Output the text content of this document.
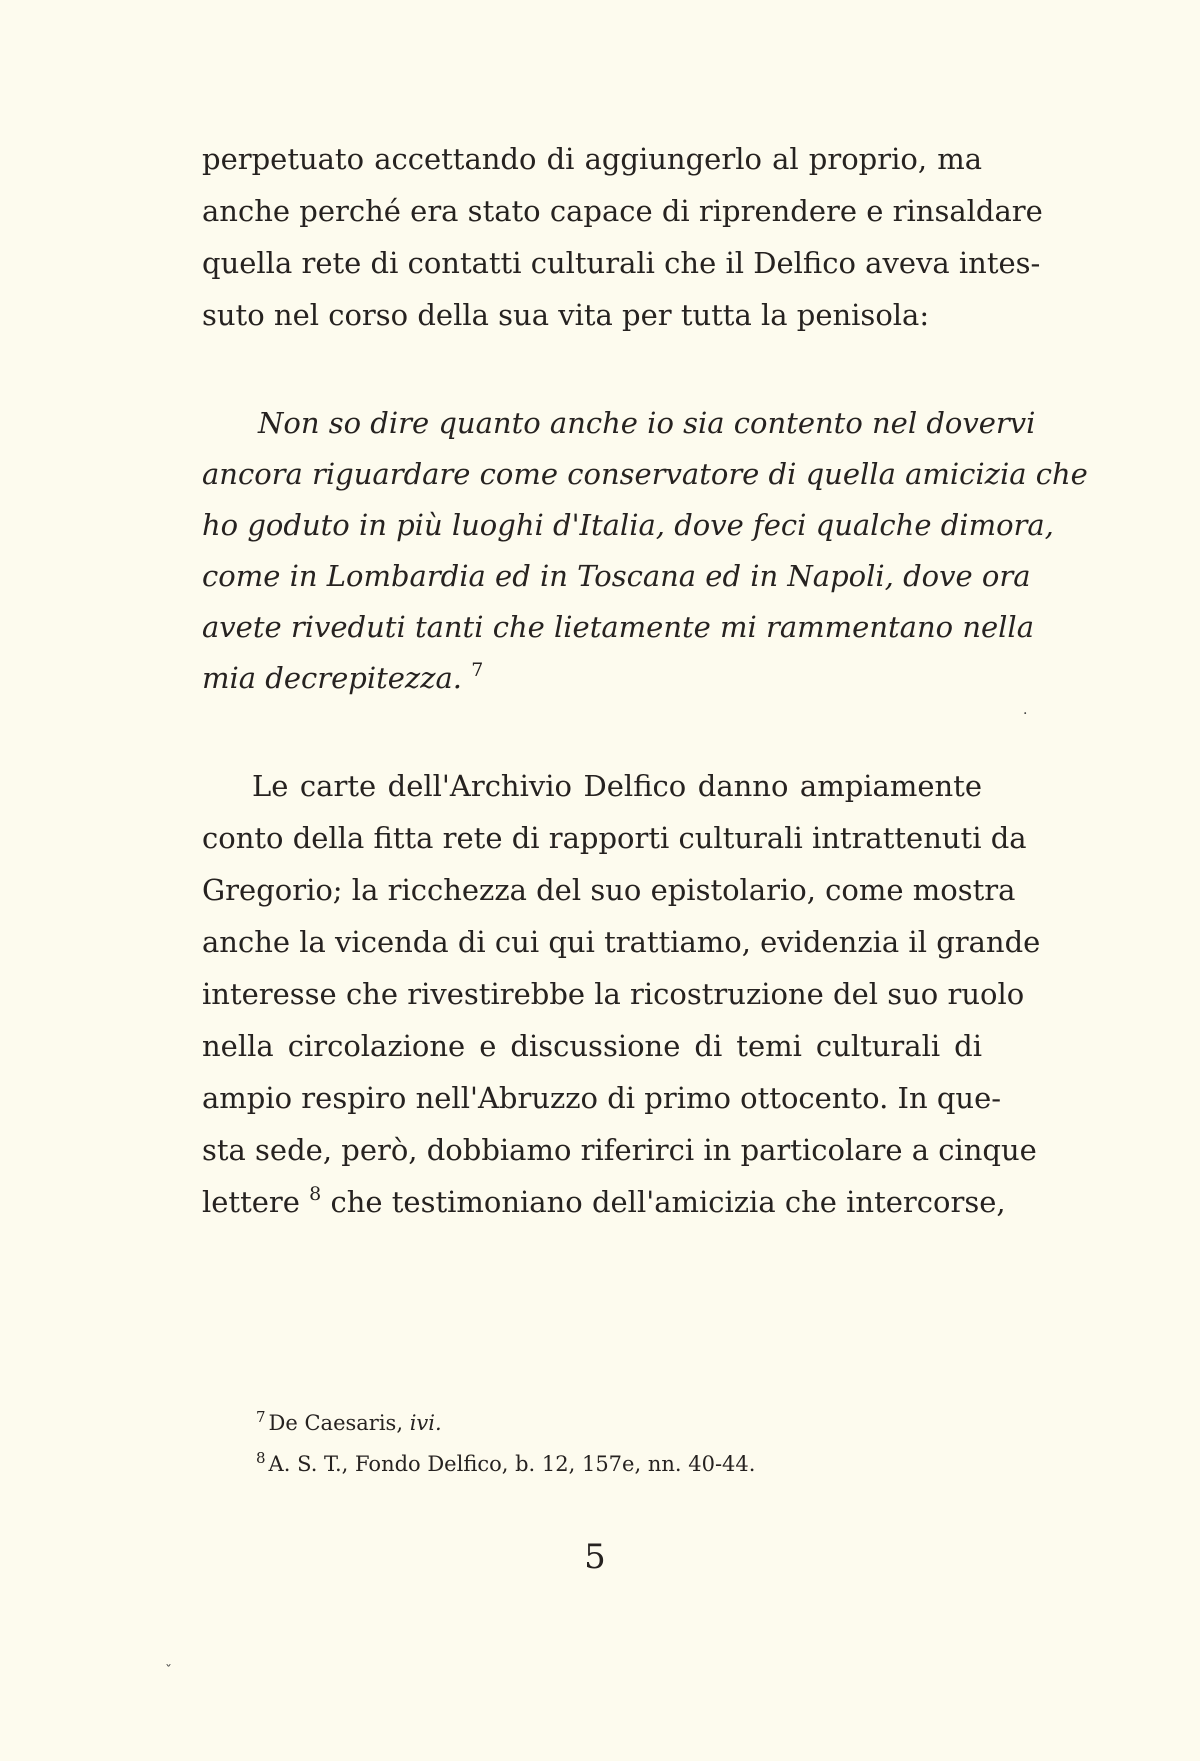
perpetuato accettando di aggiungerlo al proprio, ma

anche perché era stato capace di riprendere e rinsaldare

quella rete di contatti culturali che il Delfico aveva intes-

suto nel corso della sua vita per tutta la penisola:

Non so dire quanto anche io sia contento nel dovervi

ancora riguardare come conservatore di quella amicizia che

ho goduto in più luoghi d'Italia, dove feci qualche dimora,

come in Lombardia ed in Toscana ed in Napoli, dove ora

avete riveduti tanti che lietamente mi rammentano nella

mia decrepitezza. $^7$

Le carte dell'Archivio Delfico danno ampiamente

conto della fitta rete di rapporti culturali intrattenuti da

Gregorio; la ricchezza del suo epistolario, come mostra

anche la vicenda di cui qui trattiamo, evidenzia il grande

interesse che rivestirebbe la ricostruzione del suo ruolo

nella circolazione e discussione di temi culturali di

ampio respiro nell'Abruzzo di primo ottocento. In que-

sta sede, però, dobbiamo riferirci in particolare a cinque

lettere $^8$ che testimoniano dell'amicizia che intercorse,

$^7$ De Caesaris, ivi.
$^8$ A. S. T., Fondo Delfico, b. 12, 157e, nn. 40-44.
5
·
ˇ
